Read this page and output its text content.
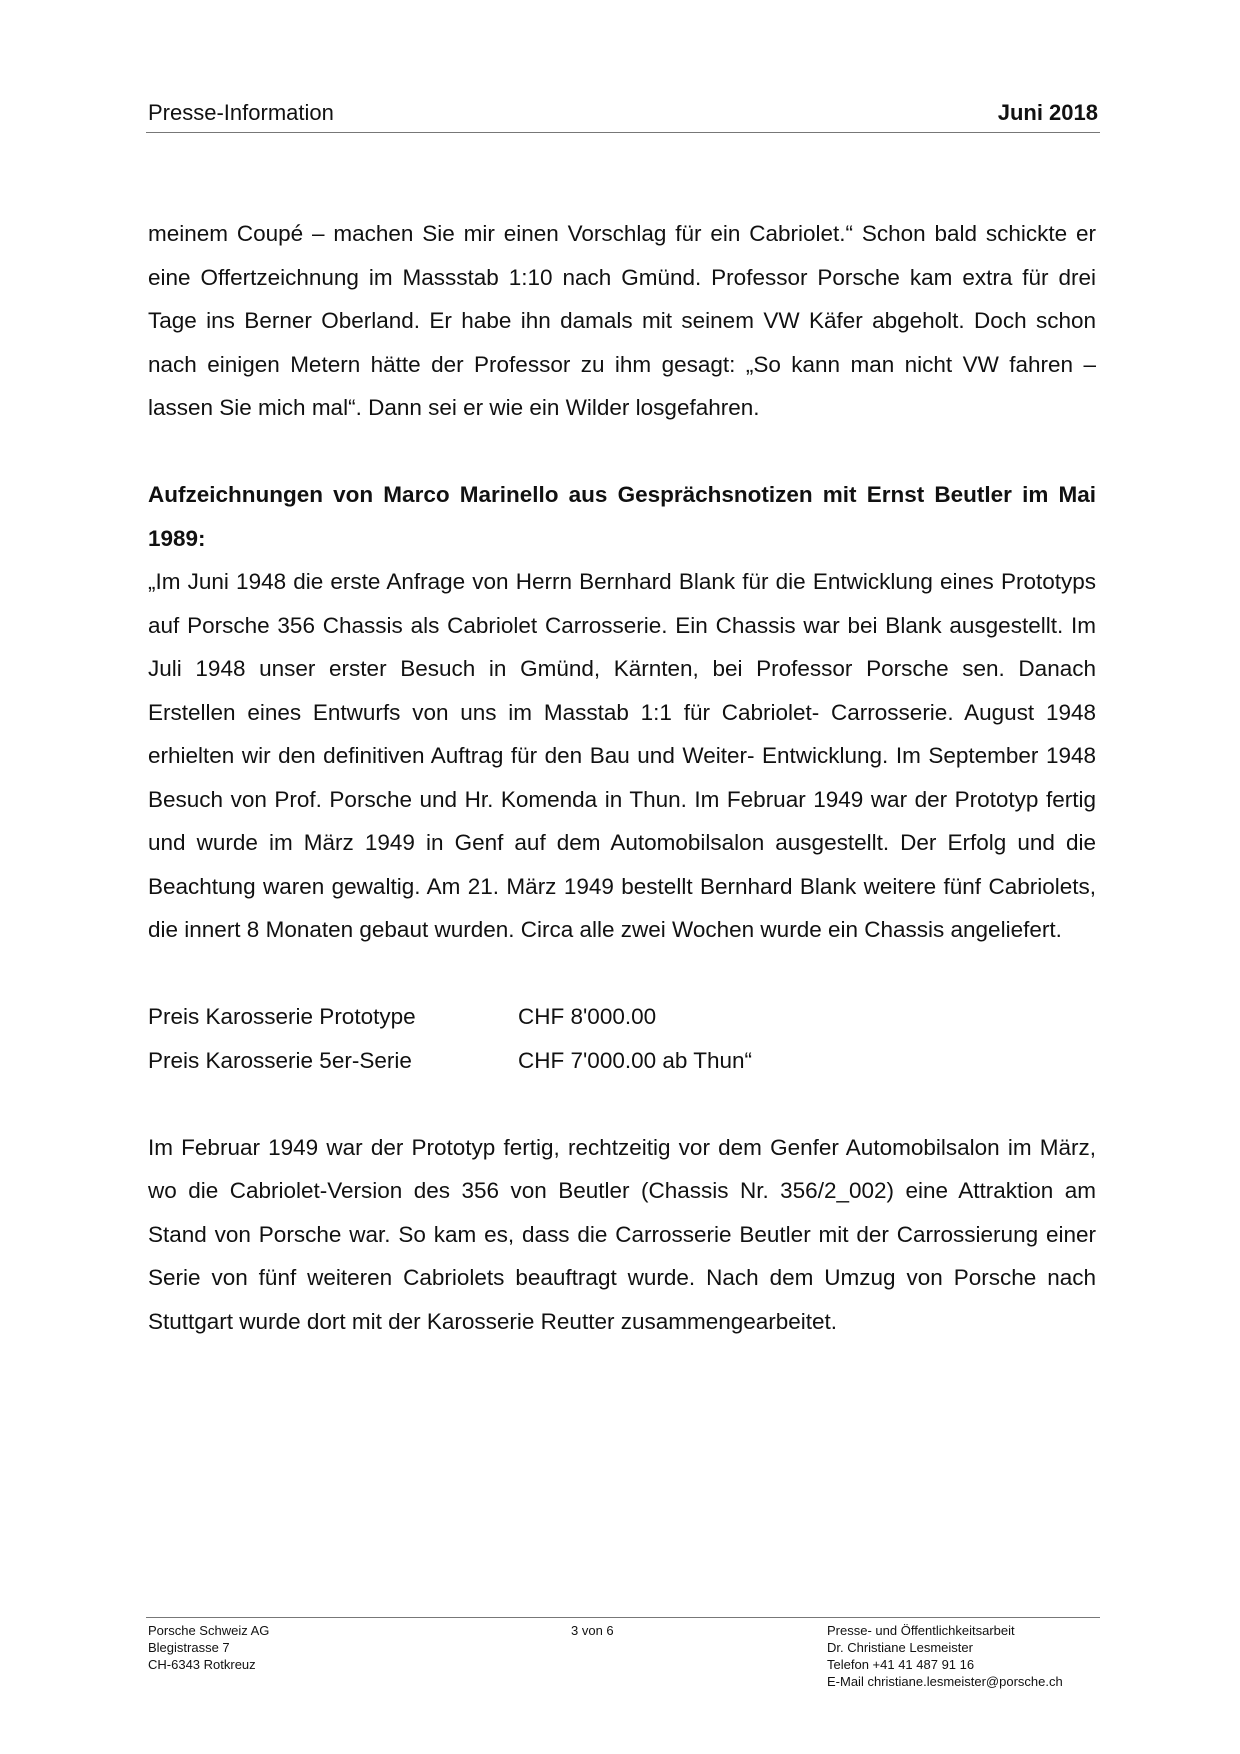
Presse-Information	Juni 2018

meinem Coupé – machen Sie mir einen Vorschlag für ein Cabriolet.“ Schon bald schickte er eine Offertzeichnung im Massstab 1:10 nach Gmünd. Professor Porsche kam extra für drei Tage ins Berner Oberland. Er habe ihn damals mit seinem VW Käfer abgeholt. Doch schon nach einigen Metern hätte der Professor zu ihm gesagt: „So kann man nicht VW fahren – lassen Sie mich mal“. Dann sei er wie ein Wilder losgefahren.

Aufzeichnungen von Marco Marinello aus Gesprächsnotizen mit Ernst Beutler im Mai 1989:

„Im Juni 1948 die erste Anfrage von Herrn Bernhard Blank für die Entwicklung eines Prototyps auf Porsche 356 Chassis als Cabriolet Carrosserie. Ein Chassis war bei Blank ausgestellt. Im Juli 1948 unser erster Besuch in Gmünd, Kärnten, bei Professor Porsche sen. Danach Erstellen eines Entwurfs von uns im Masstab 1:1 für Cabriolet- Carrosserie. August 1948 erhielten wir den definitiven Auftrag für den Bau und Weiter- Entwicklung. Im September 1948 Besuch von Prof. Porsche und Hr. Komenda in Thun. Im Februar 1949 war der Prototyp fertig und wurde im März 1949 in Genf auf dem Automobilsalon ausgestellt. Der Erfolg und die Beachtung waren gewaltig. Am 21. März 1949 bestellt Bernhard Blank weitere fünf Cabriolets, die innert 8 Monaten gebaut wurden. Circa alle zwei Wochen wurde ein Chassis angeliefert.

Preis Karosserie Prototype	CHF 8'000.00
Preis Karosserie 5er-Serie	CHF 7'000.00 ab Thun“

Im Februar 1949 war der Prototyp fertig, rechtzeitig vor dem Genfer Automobilsalon im März, wo die Cabriolet-Version des 356 von Beutler (Chassis Nr. 356/2_002) eine Attraktion am Stand von Porsche war. So kam es, dass die Carrosserie Beutler mit der Carrossierung einer Serie von fünf weiteren Cabriolets beauftragt wurde. Nach dem Umzug von Porsche nach Stuttgart wurde dort mit der Karosserie Reutter zusammengearbeitet.

Porsche Schweiz AG
Blegistrasse 7
CH-6343 Rotkreuz
3 von 6	Presse- und Öffentlichkeitsarbeit
Dr. Christiane Lesmeister
Telefon +41 41 487 91 16
E-Mail christiane.lesmeister@porsche.ch
